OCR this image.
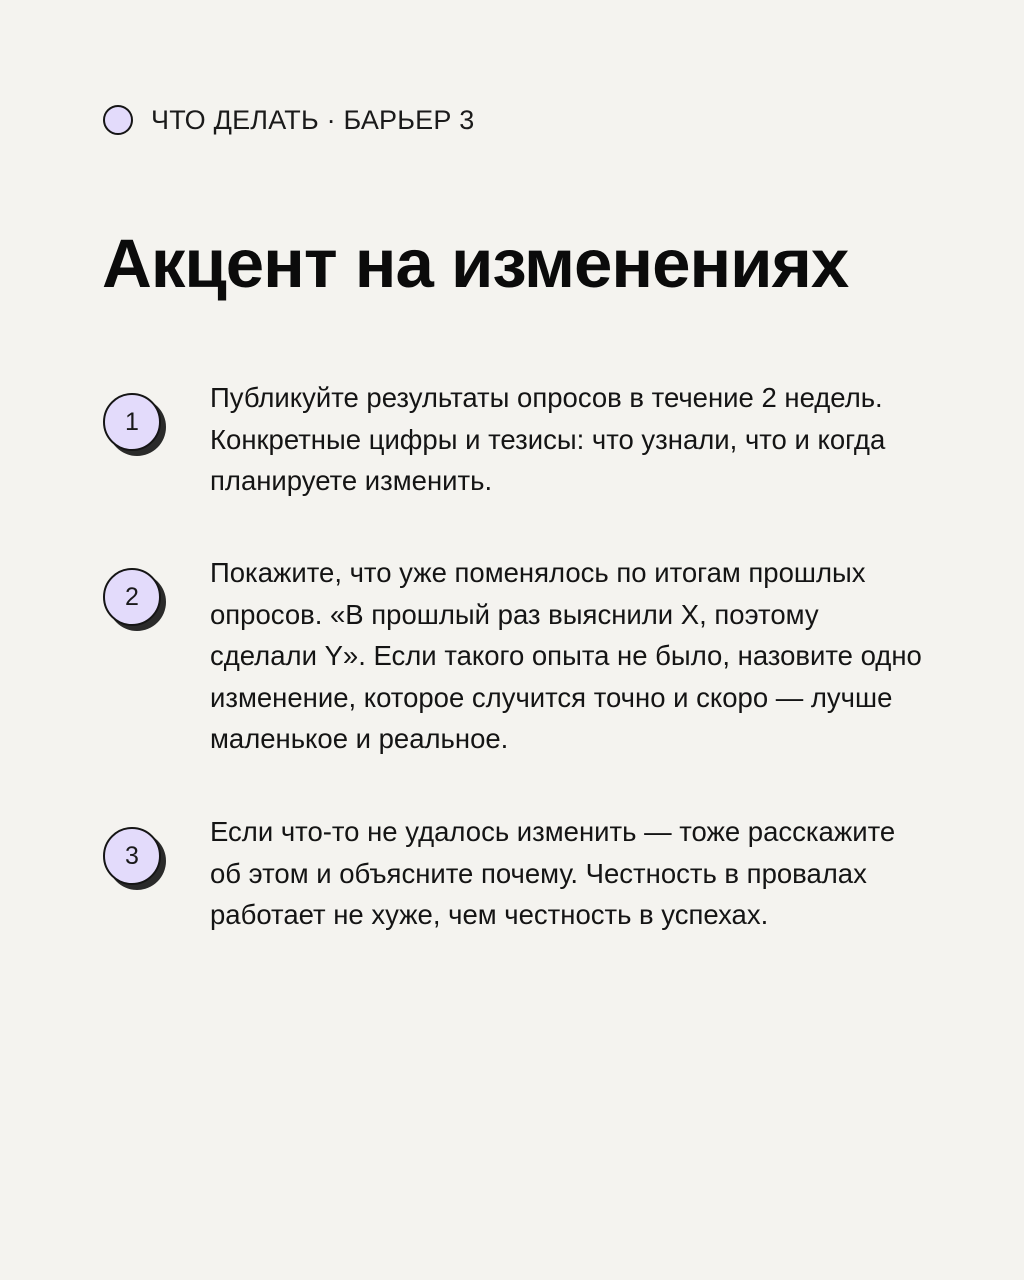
ЧТО ДЕЛАТЬ · БАРЬЕР 3
Акцент на изменениях
1

Публикуйте результаты опросов в течение 2 недель. Конкретные цифры и тезисы: что узнали, что и когда планируете изменить.

2

Покажите, что уже поменялось по итогам прошлых опросов. «В прошлый раз выяснили X, поэтому сделали Y». Если такого опыта не было, назовите одно изменение, которое случится точно и скоро — лучше маленькое и реальное.

3

Если что-то не удалось изменить — тоже расскажите об этом и объясните почему. Честность в провалах работает не хуже, чем честность в успехах.
